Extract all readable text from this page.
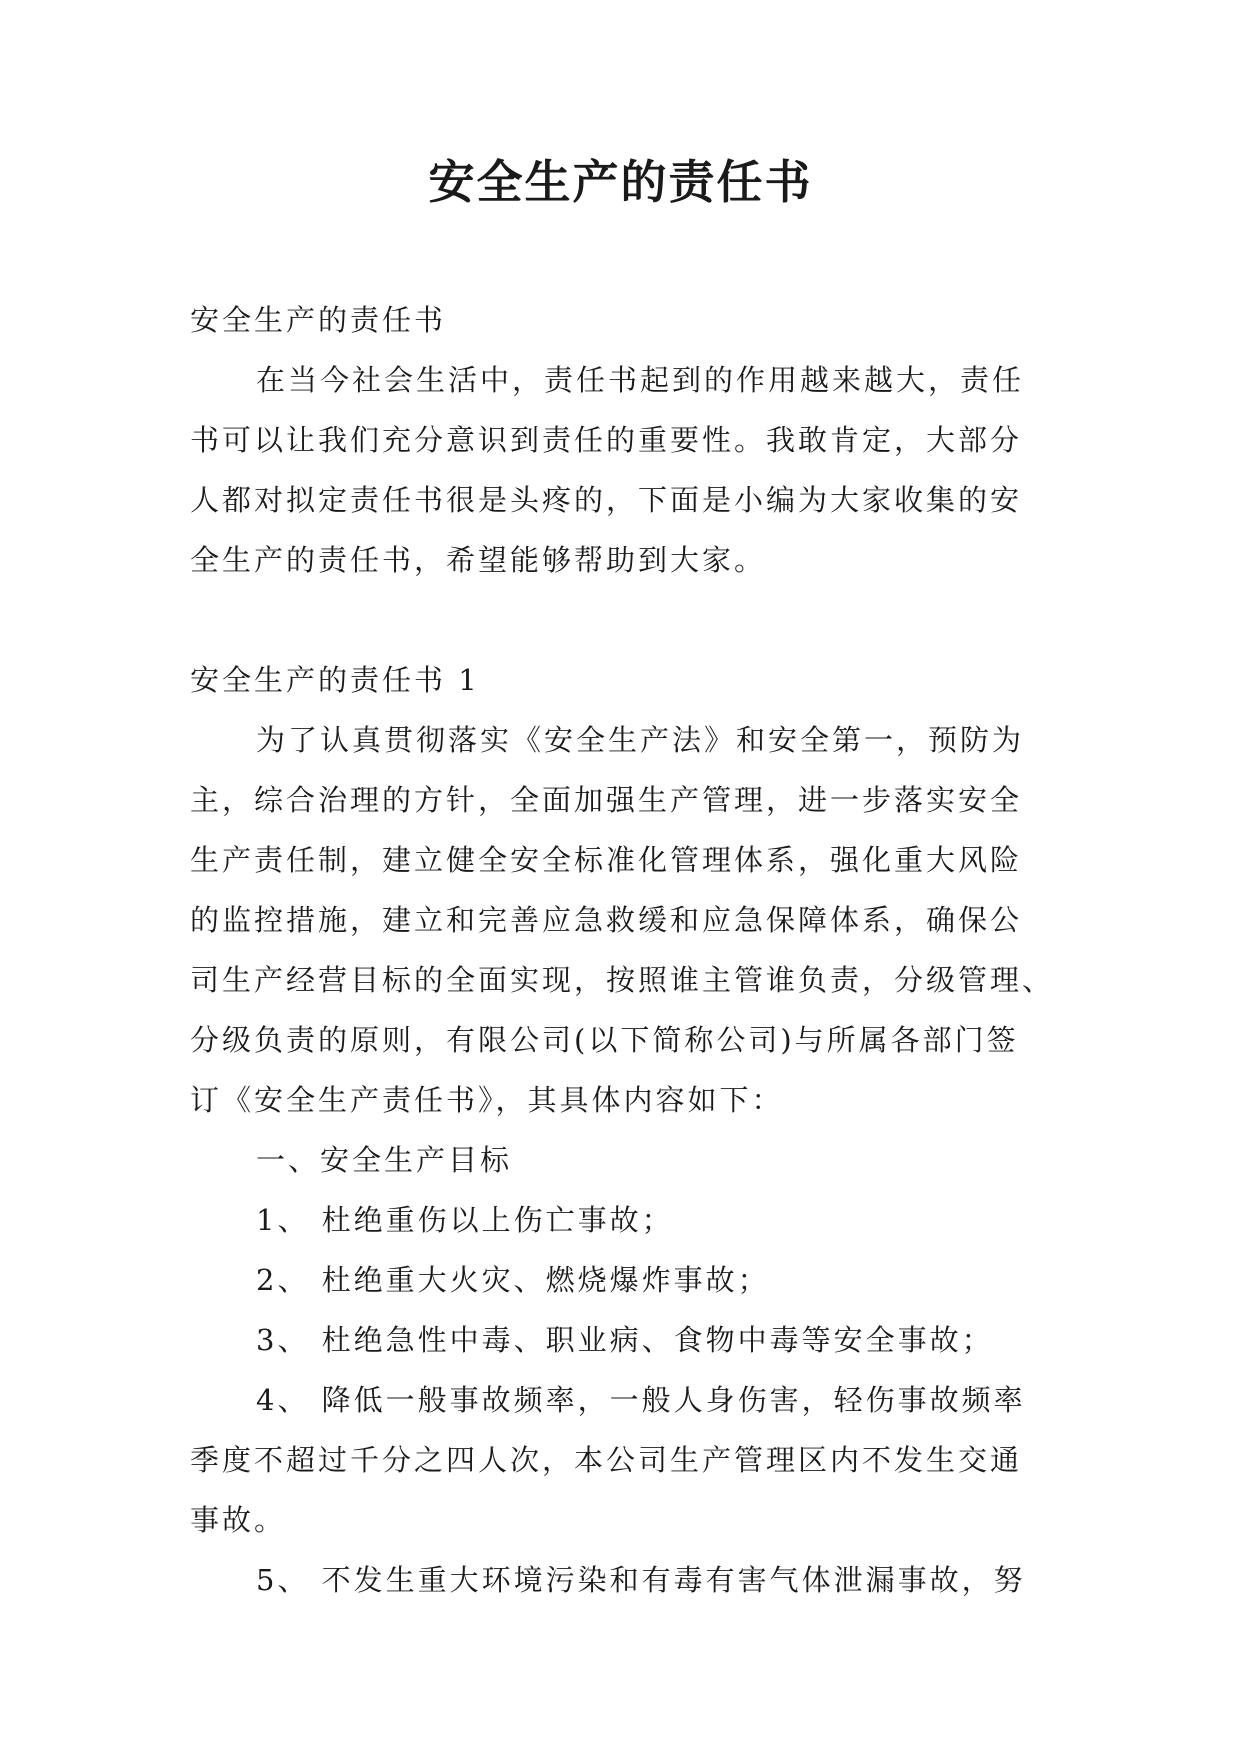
安全生产的责任书

安全生产的责任书

在当今社会生活中，责任书起到的作用越来越大，责任

书可以让我们充分意识到责任的重要性。我敢肯定，大部分

人都对拟定责任书很是头疼的，下面是小编为大家收集的安

全生产的责任书，希望能够帮助到大家。

安全生产的责任书 1

为了认真贯彻落实《安全生产法》和安全第一，预防为

主，综合治理的方针，全面加强生产管理，进一步落实安全

生产责任制，建立健全安全标准化管理体系，强化重大风险

的监控措施，建立和完善应急救缓和应急保障体系，确保公

司生产经营目标的全面实现，按照谁主管谁负责，分级管理、

分级负责的原则，有限公司(以下简称公司)与所属各部门签

订《安全生产责任书》，其具体内容如下：

一、安全生产目标

1、 杜绝重伤以上伤亡事故；

2、 杜绝重大火灾、燃烧爆炸事故；

3、 杜绝急性中毒、职业病、食物中毒等安全事故；

4、 降低一般事故频率，一般人身伤害，轻伤事故频率

季度不超过千分之四人次，本公司生产管理区内不发生交通

事故。

5、 不发生重大环境污染和有毒有害气体泄漏事故，努
